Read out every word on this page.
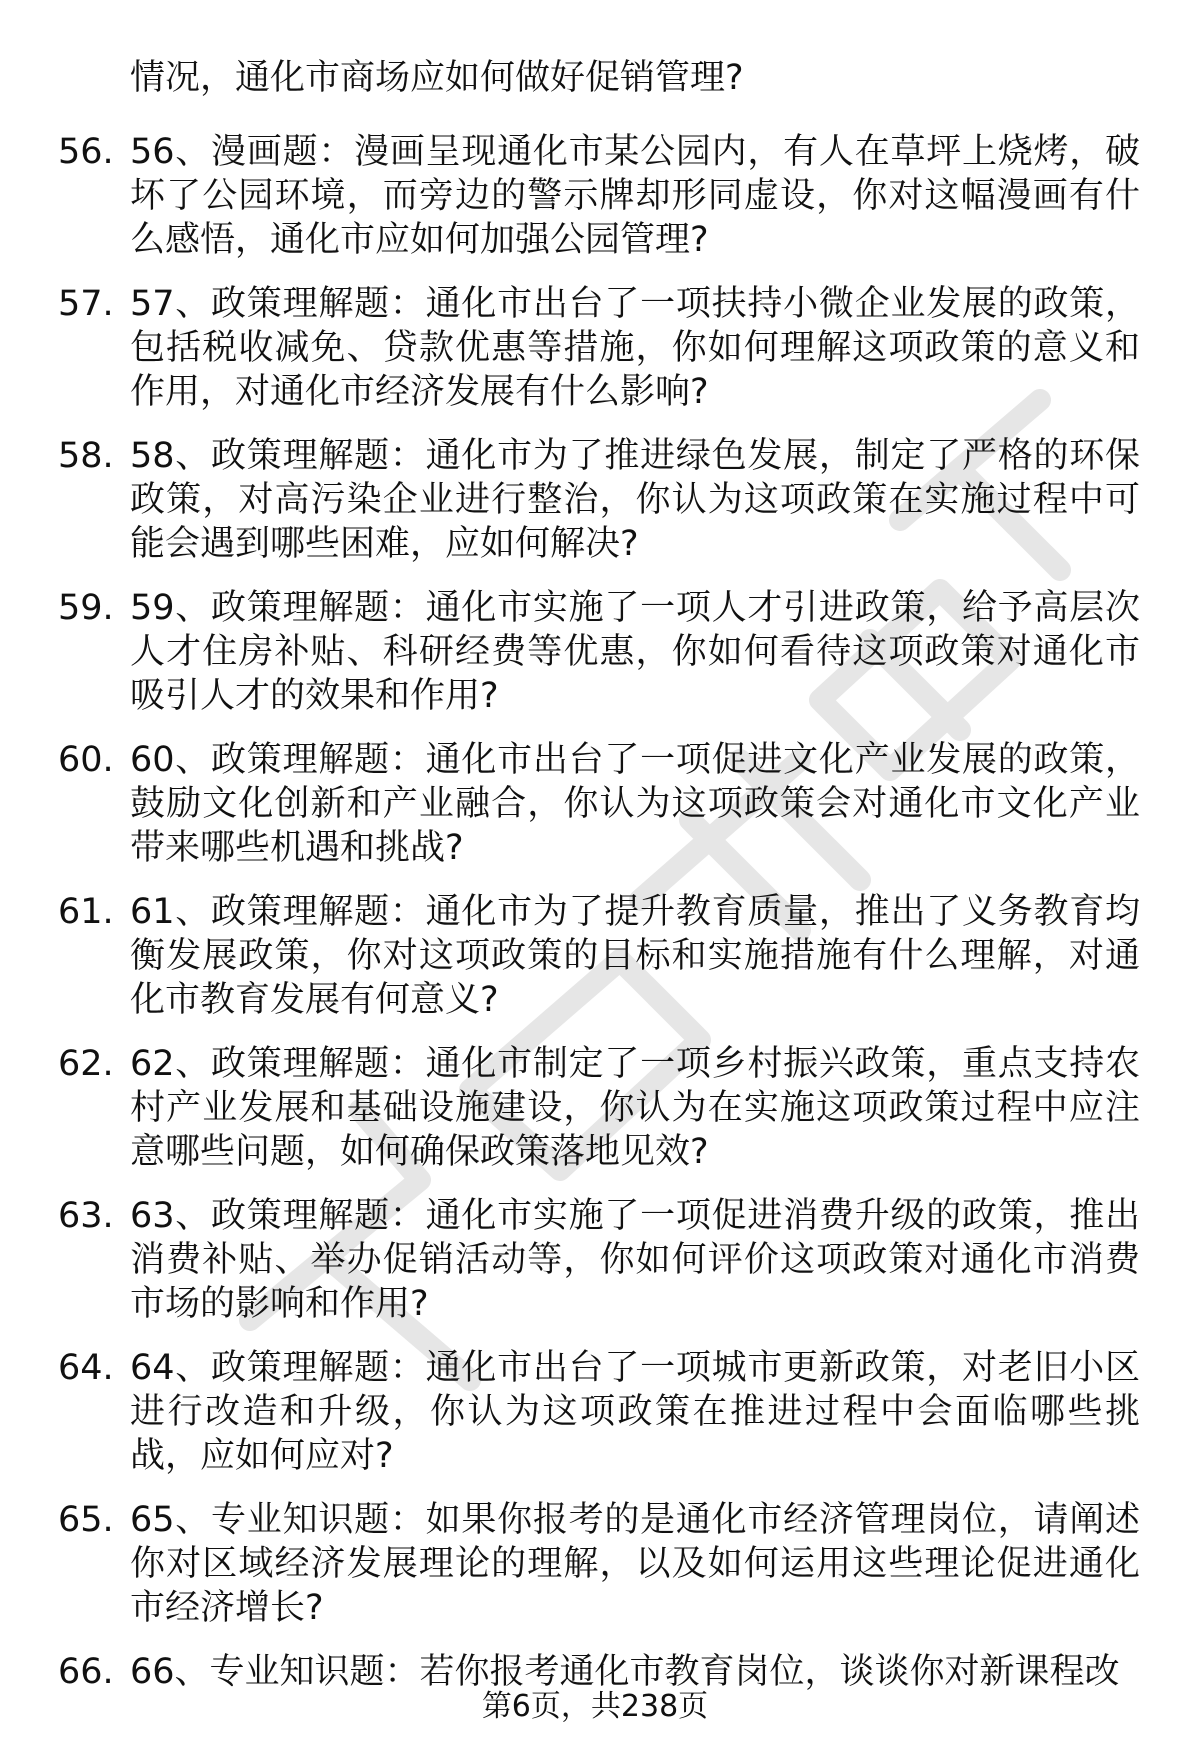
情况，通化市商场应如何做好促销管理?

56. 56、漫画题：漫画呈现通化市某公园内，有人在草坪上烧烤，破坏了公园环境，而旁边的警示牌却形同虚设，你对这幅漫画有什么感悟，通化市应如何加强公园管理?
57. 57、政策理解题：通化市出台了一项扶持小微企业发展的政策，包括税收减免、贷款优惠等措施，你如何理解这项政策的意义和作用，对通化市经济发展有什么影响?
58. 58、政策理解题：通化市为了推进绿色发展，制定了严格的环保政策，对高污染企业进行整治，你认为这项政策在实施过程中可能会遇到哪些困难，应如何解决?
59. 59、政策理解题：通化市实施了一项人才引进政策，给予高层次人才住房补贴、科研经费等优惠，你如何看待这项政策对通化市吸引人才的效果和作用?
60. 60、政策理解题：通化市出台了一项促进文化产业发展的政策，鼓励文化创新和产业融合，你认为这项政策会对通化市文化产业带来哪些机遇和挑战?
61. 61、政策理解题：通化市为了提升教育质量，推出了义务教育均衡发展政策，你对这项政策的目标和实施措施有什么理解，对通化市教育发展有何意义?
62. 62、政策理解题：通化市制定了一项乡村振兴政策，重点支持农村产业发展和基础设施建设，你认为在实施这项政策过程中应注意哪些问题，如何确保政策落地见效?
63. 63、政策理解题：通化市实施了一项促进消费升级的政策，推出消费补贴、举办促销活动等，你如何评价这项政策对通化市消费市场的影响和作用?
64. 64、政策理解题：通化市出台了一项城市更新政策，对老旧小区进行改造和升级，你认为这项政策在推进过程中会面临哪些挑战，应如何应对?
65. 65、专业知识题：如果你报考的是通化市经济管理岗位，请阐述你对区域经济发展理论的理解，以及如何运用这些理论促进通化市经济增长?
66. 66、专业知识题：若你报考通化市教育岗位，谈谈你对新课程改
第6页，共238页
